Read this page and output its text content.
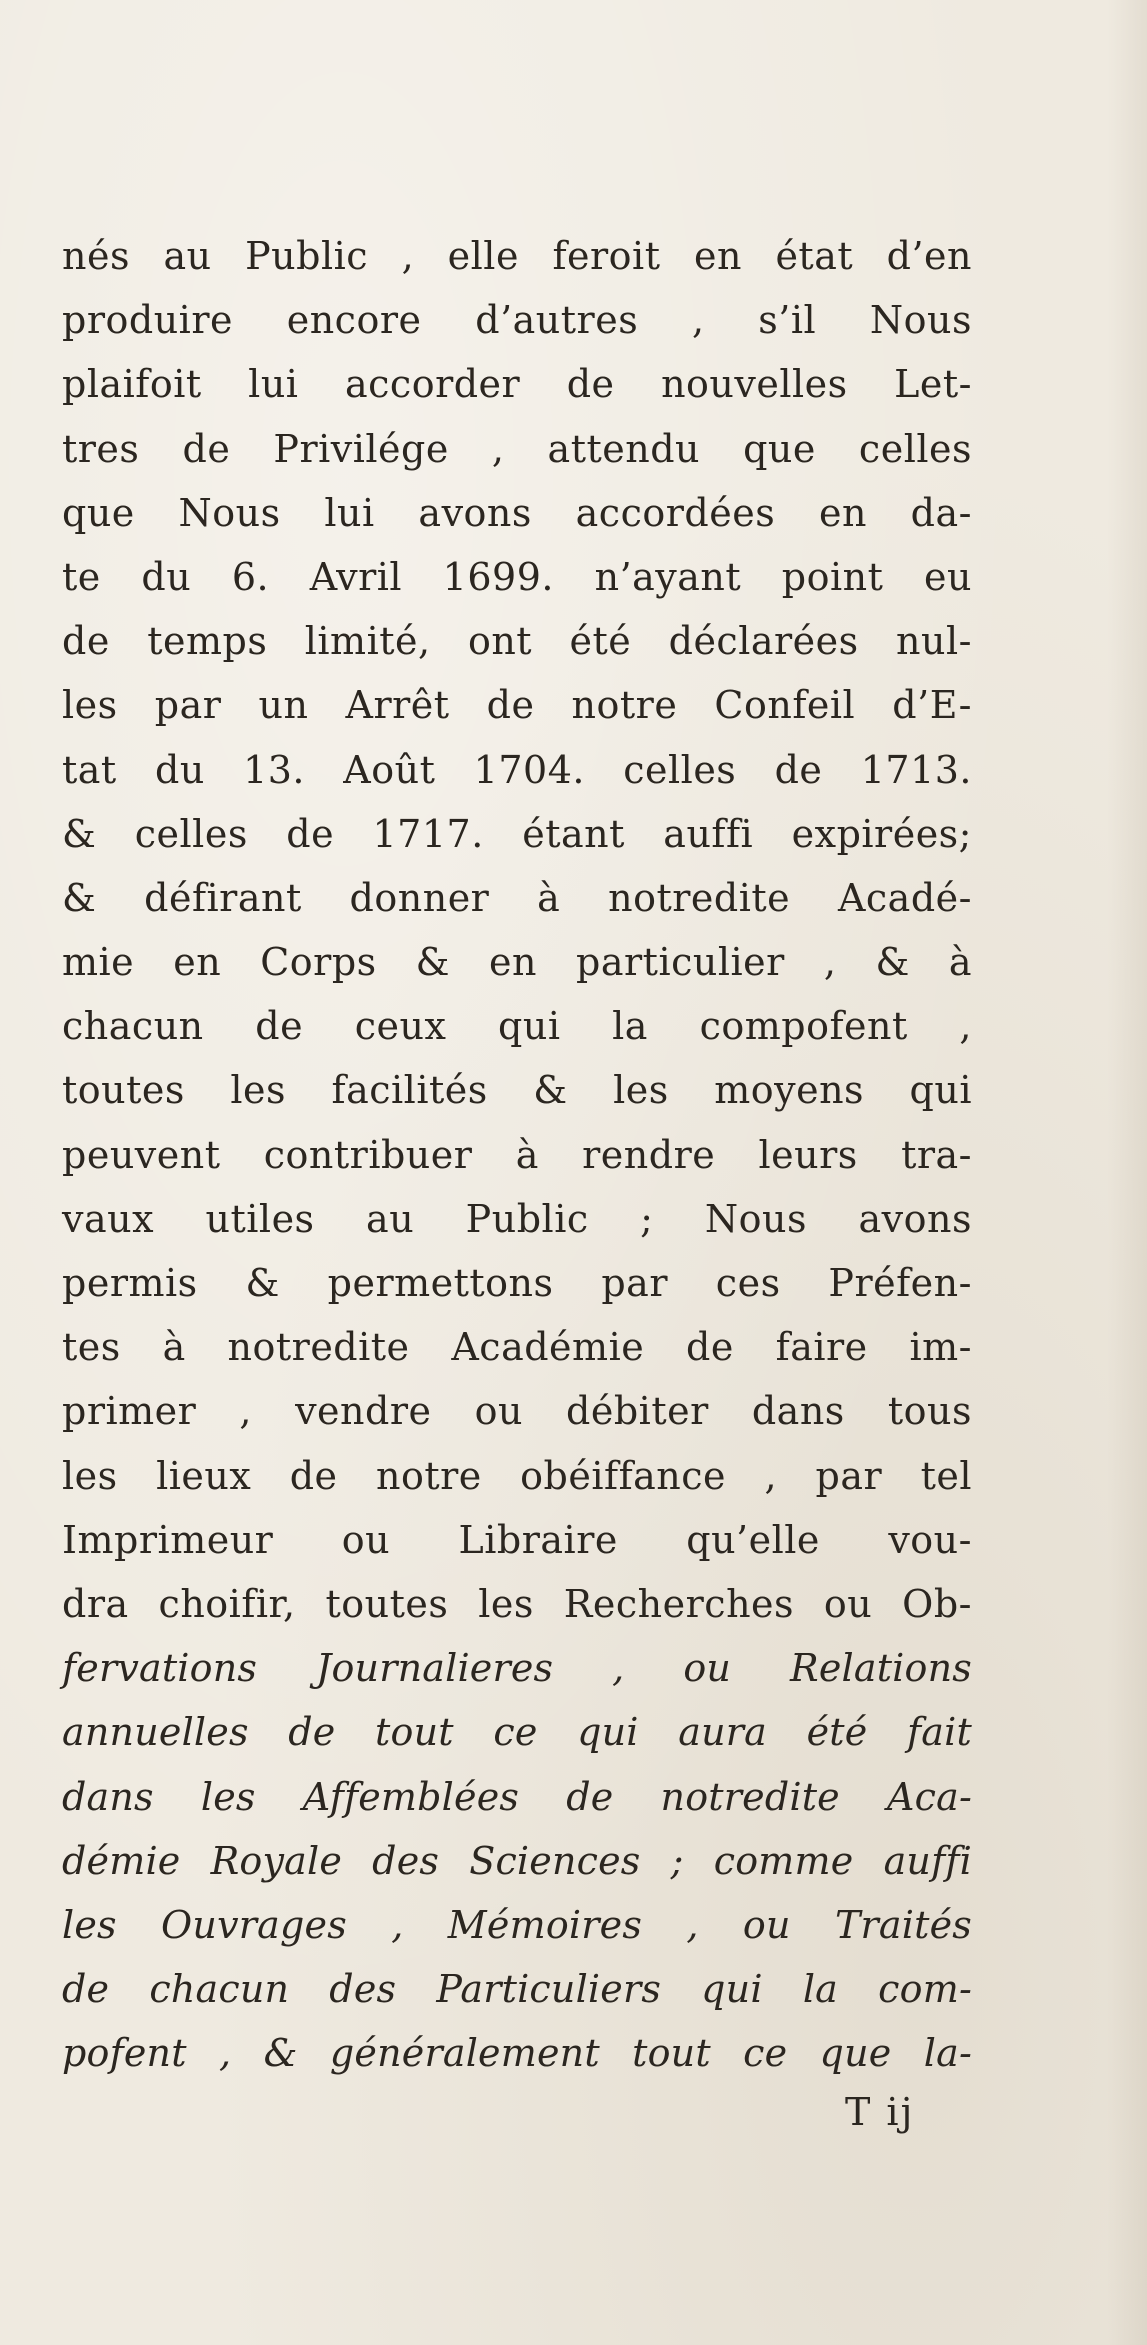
nés au Public , elle feroit en état d’en
produire encore d’autres , s’il Nous
plaifoit lui accorder de nouvelles Let-
tres de Privilége , attendu que celles
que Nous lui avons accordées en da-
te du 6. Avril 1699. n’ayant point eu
de temps limité, ont été déclarées nul-
les par un Arrêt de notre Confeil d’E-
tat du 13. Août 1704. celles de 1713.
& celles de 1717. étant auffi expirées;
& défirant donner à notredite Acadé-
mie en Corps & en particulier , & à
chacun de ceux qui la compofent ,
toutes les facilités & les moyens qui
peuvent contribuer à rendre leurs tra-
vaux utiles au Public ; Nous avons
permis & permettons par ces Préfen-
tes à notredite Académie de faire im-
primer , vendre ou débiter dans tous
les lieux de notre obéiffance , par tel
Imprimeur ou Libraire qu’elle vou-
dra choifir, toutes les Recherches ou Ob-
fervations Journalieres , ou Relations
annuelles de tout ce qui aura été fait
dans les Affemblées de notredite Aca-
démie Royale des Sciences ; comme auffi
les Ouvrages , Mémoires , ou Traités
de chacun des Particuliers qui la com-
pofent , & généralement tout ce que la-
T ij
